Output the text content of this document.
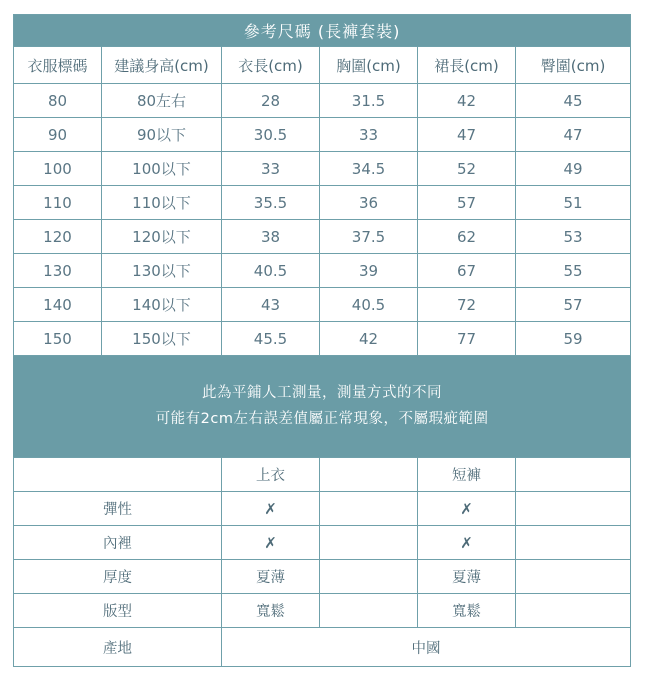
參考尺碼 (長褲套裝)					
衣服標碼	建議身高(cm)	衣長(cm)	胸圍(cm)	裙長(cm)	臀圍(cm)
80	80左右	28	31.5	42	45
90	90以下	30.5	33	47	47
100	100以下	33	34.5	52	49
110	110以下	35.5	36	57	51
120	120以下	38	37.5	62	53
130	130以下	40.5	39	67	55
140	140以下	43	40.5	72	57
150	150以下	45.5	42	77	59

此為平鋪人工測量，測量方式的不同
可能有2cm左右誤差值屬正常現象，不屬瑕疵範圍					
	上衣		短褲	
彈性	✗		✗	
內裡	✗		✗	
厚度	夏薄		夏薄	
版型	寬鬆		寬鬆	
產地	中國			
